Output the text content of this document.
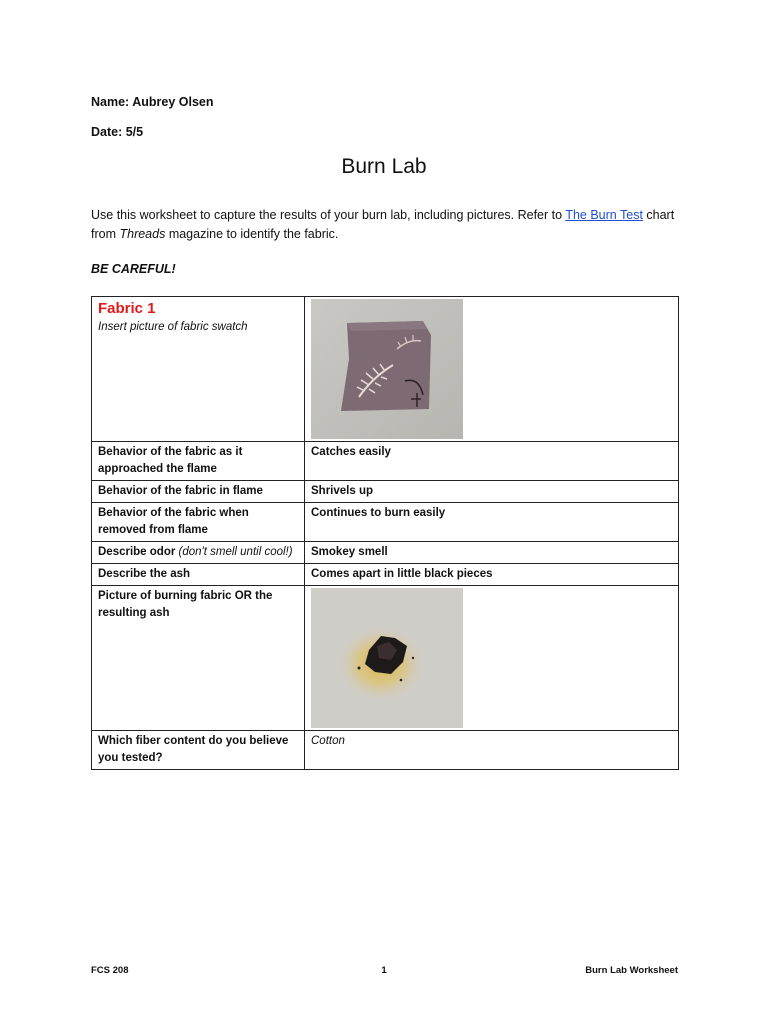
Name: Aubrey Olsen
Date: 5/5
Burn Lab
Use this worksheet to capture the results of your burn lab, including pictures. Refer to The Burn Test chart from Threads magazine to identify the fabric.
BE CAREFUL!
Fabric 1
Insert picture of fabric swatch	

Behavior of the fabric as it approached the flame	Catches easily
Behavior of the fabric in flame	Shrivels up
Behavior of the fabric when removed from flame	Continues to burn easily
Describe odor (don't smell until cool!)	Smokey smell
Describe the ash	Comes apart in little black pieces
Picture of burning fabric OR the resulting ash	

Which fiber content do you believe you tested?	Cotton
FCS 208	1	Burn Lab Worksheet
